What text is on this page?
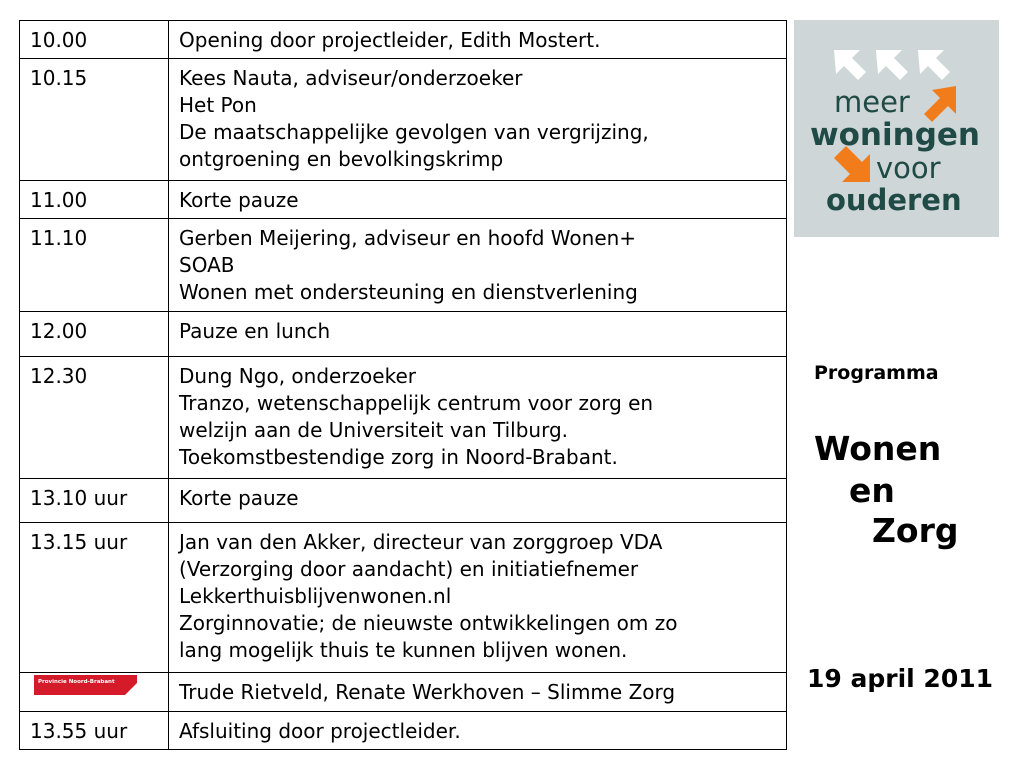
10.00	Opening door projectleider, Edith Mostert.

10.15	Kees Nauta, adviseur/onderzoeker
Het Pon
De maatschappelijke gevolgen van vergrijzing,
ontgroening en bevolkingskrimp

11.00	Korte pauze

11.10	Gerben Meijering, adviseur en hoofd Wonen+
SOAB
Wonen met ondersteuning en dienstverlening

12.00	Pauze en lunch

12.30	Dung Ngo, onderzoeker
Tranzo, wetenschappelijk centrum voor zorg en
welzijn aan de Universiteit van Tilburg.
Toekomstbestendige zorg in Noord-Brabant.

13.10 uur	Korte pauze

13.15 uur	Jan van den Akker, directeur van zorggroep VDA
(Verzorging door aandacht) en initiatiefnemer
Lekkerthuisblijvenwonen.nl
Zorginnovatie; de nieuwste ontwikkelingen om zo
lang mogelijk thuis te kunnen blijven wonen.

Provincie Noord-Brabant	Trude Rietveld, Renate Werkhoven – Slimme Zorg

13.55 uur	Afsluiting door projectleider.
meer
woningen
voor
ouderen
Programma
Wonen
en
Zorg
19 april 2011
